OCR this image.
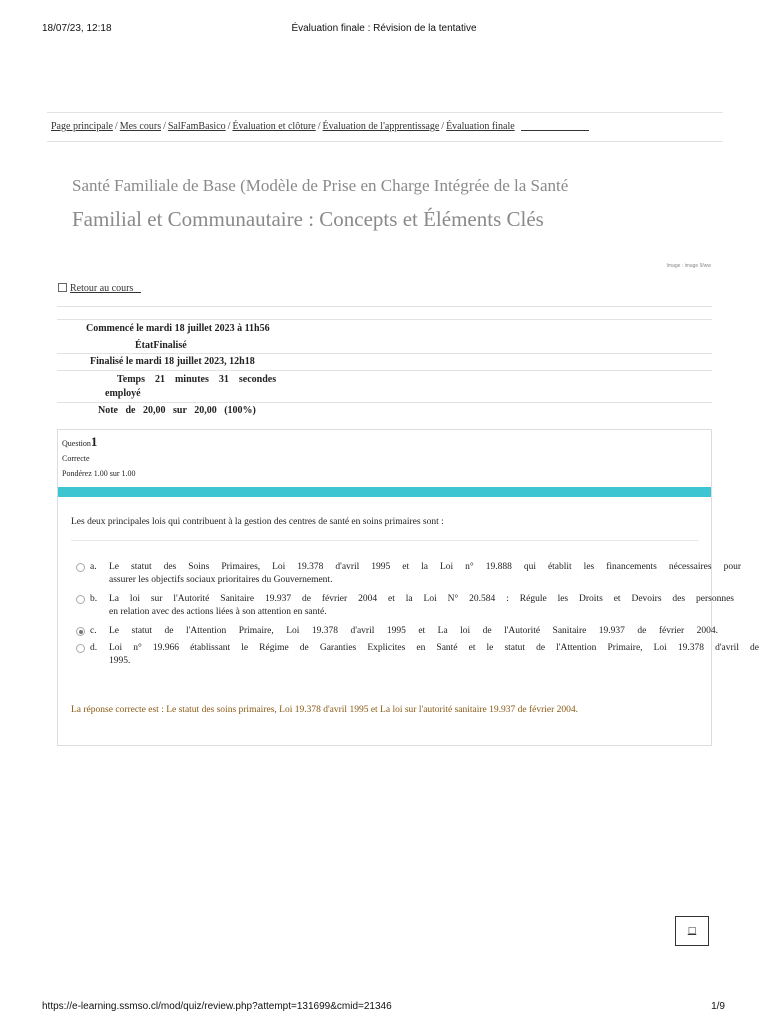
18/07/23, 12:18	Évaluation finale : Révision de la tentative
Page principale / Mes cours / SalFamBasico / Évaluation et clôture / Évaluation de l'apprentissage / Évaluation finale
Santé Familiale de Base (Modèle de Prise en Charge Intégrée de la Santé
Familial et Communautaire : Concepts et Éléments Clés
Image : image 9/ww
Retour au cours
Commencé le mardi 18 juillet 2023 à 11h56
ÉtatFinalisé
Finalisé le mardi 18 juillet 2023, 12h18
Temps    21    minutes    31    secondes
employé
Note   de   20,00   sur   20,00   (100%)
Question1
Correcte
Pondérez 1.00 sur 1.00
Les deux principales lois qui contribuent à la gestion des centres de santé en soins primaires sont :
a. Le statut des Soins Primaires, Loi 19.378 d'avril 1995 et la Loi n° 19.888 qui établit les financements nécessaires pour
assurer les objectifs sociaux prioritaires du Gouvernement.
b. La loi sur l'Autorité Sanitaire 19.937 de février 2004 et la Loi N° 20.584 : Régule les Droits et Devoirs des personnes
en relation avec des actions liées à son attention en santé.
c. Le statut de l'Attention Primaire, Loi 19.378 d'avril 1995 et La loi de l'Autorité Sanitaire 19.937 de février 2004.
d. Loi n° 19.966 établissant le Régime de Garanties Explicites en Santé et le statut de l'Attention Primaire, Loi 19.378 d'avril de
1995.
La réponse correcte est : Le statut des soins primaires, Loi 19.378 d'avril 1995 et La loi sur l'autorité sanitaire 19.937 de février 2004.
□
https://e-learning.ssmso.cl/mod/quiz/review.php?attempt=131699&cmid=21346	1/9
